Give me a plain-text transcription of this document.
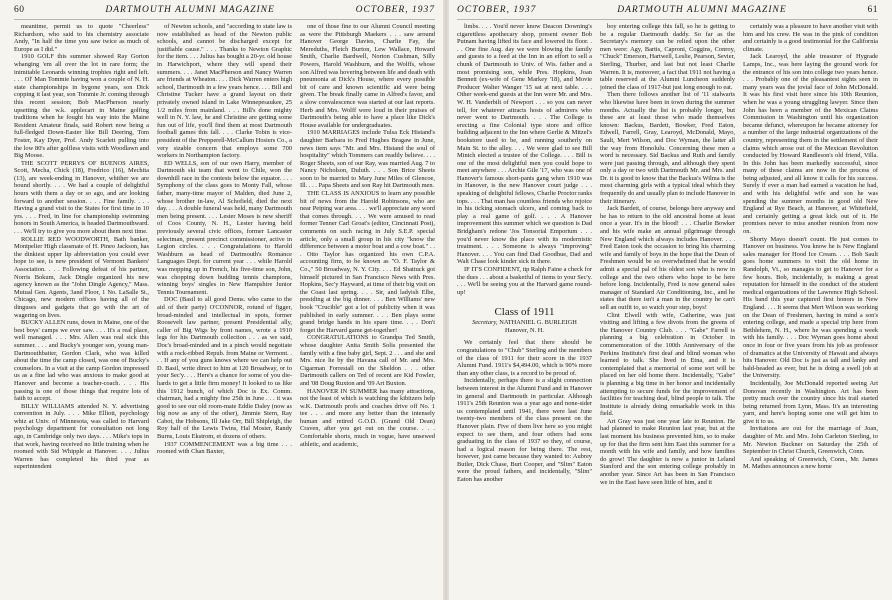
60	DARTMOUTH ALUMNI MAGAZINE	OCTOBER, 1937

meantime, permit us to quote "Cheerless" Richardson, who said to his chemistry associate Andy, "In half the time you saw twice as much of Europe as I did."

1910 GOLF this summer showed Ray Gorton whanging 'em all over the lot in rare form; the inimitable Leonards winning trophies right and left. . . . Ol' Man Tommie having won a couple of N. H. state championships in bygone years, son Dick copping it last year, son Tommie Jr. coming through this recent session; Bob MacPherson nearly upsetting the w.k. applecart in Maine golfing traditions when he fought his way into the Maine Resident Amateur finals, said Robert now being a full-fledged Down-Easter like Bill Deering, Tom Foster, Kay Dyer, Prof. Andy Scarlett pulling into the low 80's after golfless visits with Woodlawn and Big Moose.

THE SCOTT PERRYS OF BUENOS AIRES, Scott, Mecha, Chick (18), Fredrico (16), Mechita (13), are week-ending in Hanover, whither we are bound shortly. . . . We had a couple of delightful hours with them a day or so ago, and are looking forward to another session. . . . Fine family. . . . Having a grand visit to the States for first time in 10 yrs. . . . Fred, in line for championship swimming honors in South America, is headed Dartmouthward. . . . We'll try to give you more about them next time.

ROLLIE RED WOODWORTH, Bath banker, Montpelier High classmate of H. Pineo Jackson, has the dinkiest upper lip abbreviation you could ever hope to see, is new president of Vermont Bankers' Association. . . . Following defeat of his partner, Norris Bokum, Jack Dingle organized his new agency known as the "John Dingle Agency," Mass. Mutual Gen. Agents, 3and Floor, 1 No. LaSalle St., Chicago, new modern offices having all of the dinguses and gadgets that go with the art of wagering on lives.

BUCKY ALLEN runs, down in Maine, one of the best boys' camps we ever saw. . . . It's a real place, well managed. . . . Mrs. Allen was real sick this summer. . . . and Bucky's younger son, young man-Dartmouthbaiter, Gordon Clark, who was killed about the time the camp closed, was one of Bucky's counselors. In a visit at the camp Gordon impressed us as a fine lad who was anxious to make good at Hanover and become a teacher-coach. . . . His passing is one of those things that require lots of faith to accept.

BILLY WILLIAMS attended N. Y. advertising convention in July. . . . Mike Elliott, psychology whiz at Univ. of Minnesota, was called to Harvard psychology department for consultation not long ago, in Cambridge only two days. . . . Mike's tops in that work, having received no little training when he roomed with Sid Whipple at Hanover. . . . Julius Warren has completed his third year as superintendent

of Newton schools, and "according to state law is now established as head of the Newton public schools, and cannot be discharged except for justifiable cause." . . . Thanks to Newton Graphic for the item. . . . Julius has bought a 20-yr. old house in Harwichport, where they will spend their summers. . . . Janet MacPherson and Nancy Warren are friends at Wheaton. . . . Dick Warren enters high school, Dartmouth in a few years hence. . . . Bill and Christine Tucker have a grand layout on their privately owned island in Lake Winnepesaukee, 25 1/2 miles from mainland. . . . Bill's done mighty well in N. Y. law, he and Christine are getting some fun out of life, you'll find them at most Dartmouth football games this fall. . . . Clarke Tobin is vice-president of the Prepperell-McCallum Hosiers Co., a very sizable concern that employs some 700 workers in Northampton factory.

ED WELLS, son of our own Harry, member of Dartmouth ski team that went to Chile, won the downhill race in the contests below the equator. . . . Symphony of the class goes to Monty Fall, whose father, many-time mayor of Malden, died June 2, whose brother in-law, Al Schofield, died the next day. . . . A double funeral was held, many Dartmouth men being present. . . . Lester Moses is new sheriff of Coos County, N. H., Lester having held previously several civic offices, former Lancaster selectman, present precinct commissioner, active in Legion circles. . . . Congratulations to Harold Washburn as head of Dartmouth's Romance Languages Dept. for current year . . . while Harold was mopping up in French, his five-time son, John, was chopping down budding tennis champions, winning boys' singles in New Hampshire Junior Tennis Tournament.

DOC (Basil to all good Dems. who came to the aid of their party) O'CONNOR, rotund of figger, broad-minded and intellectual in spots, former Roosevelt law partner, present Presidential ally, caller of Big Wigs by front names, wrote a 1910 legs for his Dartmouth collection . . . as we said, Doc's broad-minded and in a pinch would negotiate with a rock-ribbed Repub. from Maine or Vermont. . . . If any of you guns knows where we can help out D. Basil, write direct to him at 120 Broadway, or to your Sec'y. . . . Here's a chance for some of you die-hards to get a little firm money! It looked to us like this 1912 bunch, of which Doc is Ex. Comm. chairman, had a mighty fine 25th in June . . . it was good to see our old room-mate Eddie Daley (now as big now as any of the other), Jimmie Stern, Ray Cabot, the Hobsons, Ill Jake Orr, Bill Shipleigh, the Roy half of the Lewis Twins, Hal Mosier, Randy Burns, Louis Ekstrom, et dozens of others.

1937 COMMENCEMENT was a big time . . . roomed with Chan Baxter,

one of those fine to our Alumni Council meeting as were the Pittsburgh Maekers . . . saw around Hanover George Davies, Charlie Fay, the Mereduths, Fletch Burton, Lew Wallace, Howard Smith, Charlie Bardwell, Norton Cushman, Silly Powers, Harold Washburn, and the Wolffs, whose son Alfred was hovering between life and death with pneumonia at Dick's House, where every possible bit of care and known scientific aid were being given. The break finally came in Alfred's favor, and a slow convalescence was started at our last reports. Herb and Mrs. Wolff were loud in their praises of Dartmouth's being able to have a place like Dick's House available for undergraduates.

1910 MARRIAGES include Tulsa Eck Histand's daughter Barbara to Fred Hughes Bragaw in June, news item says "Mr. and Mrs. Histand the soul of hospitality" which Tommers can readily believe. . . . Roger Sheets, son of our Ray, was married Aug. 7 to Nancy Nicholson, Duluth. . . . Son Brice Sheets soon to be married to Mary June Miles of Glencoe, Ill. . . . Papa Sheets and son Ray hit Dartmouth men.

THE CLASS IS ANXIOUS to learn any possible bit of news from the Harold Robinsons, who are near Peiping war area. . . . we'll appreciate any word that comes through. . . . We were amused to read former Tenner Carl Groat's (editor, Cincinnati Post), comments on such racing in July S.E.P. special article, only a small group in his city "know the difference between a motor boat and a cow boat." . . . Otto Taylor has organized his own C.P.A. accounting firm, to be known as "O. F. Taylor & Co.," 50 Broadway, N. Y. City. . . . Ed Shattuck got himself pictured in San Francisco News with Pres. Hopkins, Sec'y Hayward, at time of their big visit on the Coast last spring. . . . Sir, and ladyish Elbe, presiding at the big dinner. . . . Ben Williams' new book "Crucible" got a lot of publicity when it was published in early summer. . . . Ben plays some grand bridge hands in his spare time. . . . Don't forget the Harvard game get-together!

CONGRATULATIONS to Grandpa Ted Smith, whose daughter Anita Smith Solis presented the family with a fine baby girl, Sept. 2 . . . and she and Mrs. nice lie by the Havana call of Mr. and Mrs. Cigarman Forrestall on the Sheldon . . . other Dartmouth callers on Ted of recent are Kid Fowler, and '08 Doug Ruxton and '09 Art Buxton.

HANOVER IN SUMMER has many attractions, not the least of which is watching the kibitzers help w.K. Dartmouth profs and coaches drive off No. 1 tee . . . and more any better than the intensely human and retired G.O.D. (Grand Old Dean) Craven, after you get out on the course. . . . Comfortable shorts, much in vogue, have unsewed athletic, and academic,

OCTOBER, 1937	DARTMOUTH ALUMNI MAGAZINE	61

limbs. . . . You'd never know Deacon Downing's cigarettless apothecary shop, present owner Bob Putnam having lifted its face and lowered its floor. . . . One fine Aug. day we were blowing the family and guests to a feed at the Inn in an effort to sell a chunk of Dartmouth to Univ. of Wis. father and a most promising son, while Pres. Hopkins, Joan Bennett (ex-wife of Gene Markey '18), and Movie Producer Walter Wanger '15 sat at next table. . . . Other week-end guests at the Inn were Mr. and Mrs. W. H. Vanderbilt of Newport . . . so you can never tell, for whatever attracts hosts of admirers who never went to Dartmouth. . . . The College is erecting a fine Colonial type store and office building adjacent to the Inn where Gerlie & Mitzel's bookstore used to be, and running southerly on Main St. to the alley. . . . We were glad to see Bill Minich elected a trustee of the College. . . . Bill is one of the most delightful men you could hope to meet anywhere . . . Archie Gile '17, who was one of Hanover's famous short-pants gang when 1910 was in Hanover, is the new Hanover court judge . . . speaking of delightful fellows, Charlie Proctor ranks tops. . . . That man has countless friends who rejoice in his ticking stomach ulcers, and coming back to play a real game of golf. . . . A Hanover improvement this summer which we question is Dad Bridgham's redone 'Jos Tonsorial Emporium . . . you'd never know the place with its modernistic treatment. . . . Someone is always "improving" Hanover. . . . You can find Dad Goodhue, Dad and Walt Chase look kinder sick in there.

IF IT'S CONFIDENT, tip Ralph Faine a check for the dues . . . about a basketful of items to your Sec'y. . . . We'll be seeing you at the Harvard game round-up!

Class of 1911
Secretary, NATHANIEL G. BURLEIGH
Hanover, N. H.

We certainly feel that there should be congratulations to "Chub" Sterling and the members of the class of 1911 for their score in the 1937 Alumni Fund. 1911's $4,494.00, which is 90% more than any other class, is a record to be proud of.

Incidentally, perhaps there is a slight connection between interest in the Alumni Fund and in Hanover in general and Dartmouth in particular. Although 1911's 25th Reunion was a year ago and none-sider us contemplated until 1941, there were last June twenty-two members of the class present on the Hanover plain. Five of them live here so you might expect to see them, and four others had sons graduating in the class of 1937 so they, of course, had a logical reason for being there. The rest, however, just came because they wanted to: Aubrey Butler, Dick Chase, Burt Cooper, and "Slim" Eaton were the proud fathers, and incidentally, "Slim" Eaton has another

boy entering college this fall, so he is getting to be a regular Dartmouth daddy. So far as the Secretary's memory can be relied upon the other men were: Agy, Bartis, Caproni, Coggins, Conroy, "Chuck" Emerson, Hartwell, Leslie, Pearson, Sevier, Sterling, Thurber, and last but not least Charlie Warren. It is, moreover, a fact that 1911 not having a table reserved at the Alumni Luncheon suddenly joined the class of 1917-but just long enough to eat.

Then there follows another list of '11 stalwarts who likewise have been in town during the summer months. Actually the list is probably longer, but these are at least those who made themselves known: Backus, Bardett, Bowker, Fred Eaton, Edwell, Farrell, Gray, Learoyd, McDonald, Mayo, Sault, Mert Wilson, and Doc Wyman, the latter all the way from Honolulu. Concerning these men a word is necessary. Sid Backus and Ruth and family were just passing through, and although they spent only a day or two with Dartmouth Mr. and Mrs. and Dr. it is good to know that the Backus's Wilma is the most charming girls with a typical ideal which they frequently do and usually plan to include Hanover in their itinerary.

Jack Bardett, of course, belongs here anyway and he has to return to the old ancestral home at least once a year. It's in the blood! . . . Charlie Bowker and his wife make an annual pilgrimage through New England which always includes Hanover. . . . Fred Eaton took the occasion to bring his charming wife and family of boys in the hope that the Dean of Freshmen would be so overwhelmed that he would admit a special pal of his oldest son who is now in college and the two others who hope to be here before long. Incidentally, Fred is now general sales manager of Standard Air Conditioning, Inc., and he states that there isn't a man in the country he can't sell an outfit to, so watch your step, boys!

Clint Elwell with wife, Catherine, was just visiting and lifting a few divots from the greens of the Hanover Country Club. . . . "Gabe" Farrell is planning a big celebration in October in commemoration of the 100th Anniversary of the Perkins Institute's first deaf and blind woman who learned to talk. She lived in Etna, and it is contemplated that a memorial of some sort will be placed on her old home there. Incidentally, "Gabe" is planning a big time in her honor and incidentally attempting to secure funds for the improvement of facilities for teaching deaf, blind people to talk. The Institute is already doing remarkable work in this field.

Art Gray was just one year late to Reunion. He had planned to make Reunion last year, but at the last moment his business prevented him, so to make up for that the firm sent him East this summer for a month with his wife and family, and how families do grow! The daughter is now a junior in Leland Stanford and the son entering college probably in another year. Since Art has been in San Francisco we in the East have seen little of him, and it

certainly was a pleasure to have another visit with him and his crew. He was in the pink of condition and certainly is a good testimonial for the California climate.

Jack Learoyd, the able treasurer of Hygrade Lamps, Inc., was here laying the ground work for the entrance of his son into college two years hence. . . . Probably one of the pleasantest sights seen in many years was the jovial face of John McDonald. It was his first visit here since his 10th Reunion, when he was a young struggling lawyer. Since then John has been a member of the Mexican Claims Commission in Washington until his organization became defunct, whereupon he became attorney for a number of the large industrial organizations of the country, representing them in the settlement of their claims which arose out of the Mexican Revolution conducted by Howard Randleson's old friend, Villa. In this John has been markedly successful, since many of these claims are now in the process of being adjusted, and all know it calls for his success. Surely if ever a man had earned a vacation he had, and with his delightful wife and son he was spending the summer months in good old New England at Rye Beach, at Hanover, at Whitefield, and certainly getting a great kick out of it. He promises never to miss another reunion from now on.

Shorty Mayo doesn't count. He just comes to Hanover on business. You know he is New England sales manager for Hood Ice Cream. . . . Bob Sault goes home summers to visit the old home in Randolph, Vt., so manages to get to Hanover for a few hours. Bob, incidentally, is making a great reputation for himself in the conduct of the student medical organizations of the Lawrence High School. His band this year captured first honors in New England. . . . It seems that Mert Wilson was working on the Dean of Freshmen, having in mind a son's entering college, and made a special trip here from Bethlehem, N. H., where he was spending a week with his family. . . . Doc Wyman goes home about once in four or five years from his job as professor of dramatics at the University of Hawaii and always hits Hanover. Old Doc is just as tall and lanky and bald-headed as ever, but he is doing a swell job at the University.

Incidentally, Joe McDonald reported seeing Art Donovan recently in Washington. Art has been pretty much over the country since his trail started being returned from Lynn, Mass. It's an interesting yarn, and here's hoping some one will get him to give it to us.

Invitations are out for the marriage of Joan, daughter of Mr. and Mrs. John Carleton Sterling, to Mr. Newton Buckner on Saturday the 25th of September in Christ Church, Greenwich, Conn.

And speaking of Greenwich, Conn., Mr. James M. Mathes announces a new home
